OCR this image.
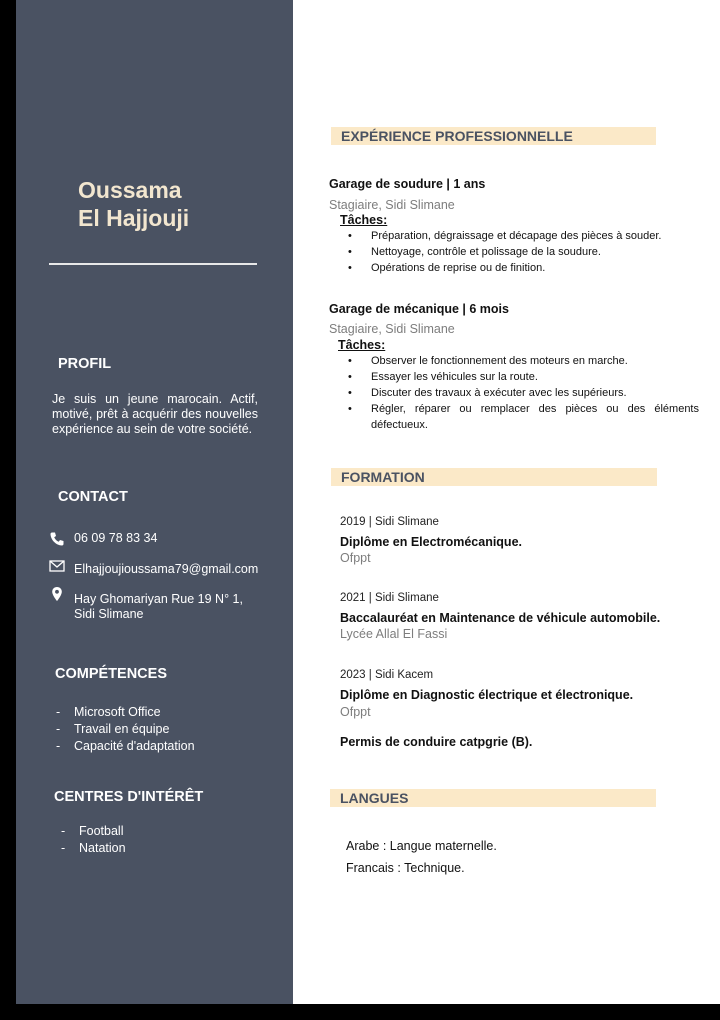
Oussama
El Hajjouji
PROFIL
Je suis un jeune marocain. Actif, motivé, prêt à acquérir des nouvelles expérience au sein de votre société.
CONTACT
06 09 78 83 34
Elhajjoujioussama79@gmail.com
Hay Ghomariyan Rue 19 N° 1,
Sidi Slimane
COMPÉTENCES
- Microsoft Office
- Travail en équipe
- Capacité d'adaptation
CENTRES D'INTÉRÊT
- Football
- Natation
EXPÉRIENCE PROFESSIONNELLE
Garage de soudure | 1 ans
Stagiaire, Sidi Slimane
Tâches:
• Préparation, dégraissage et décapage des pièces à souder.
• Nettoyage, contrôle et polissage de la soudure.
• Opérations de reprise ou de finition.
Garage de mécanique | 6 mois
Stagiaire, Sidi Slimane
Tâches:
• Observer le fonctionnement des moteurs en marche.
• Essayer les véhicules sur la route.
• Discuter des travaux à exécuter avec les supérieurs.
• Régler, réparer ou remplacer des pièces ou des éléments défectueux.
FORMATION
2019 | Sidi Slimane
Diplôme en Electromécanique.
Ofppt
2021 | Sidi Slimane
Baccalauréat en Maintenance de véhicule automobile.
Lycée Allal El Fassi
2023 | Sidi Kacem
Diplôme en Diagnostic électrique et électronique.
Ofppt
Permis de conduire catpgrie (B).
LANGUES
Arabe : Langue maternelle.
Francais : Technique.
